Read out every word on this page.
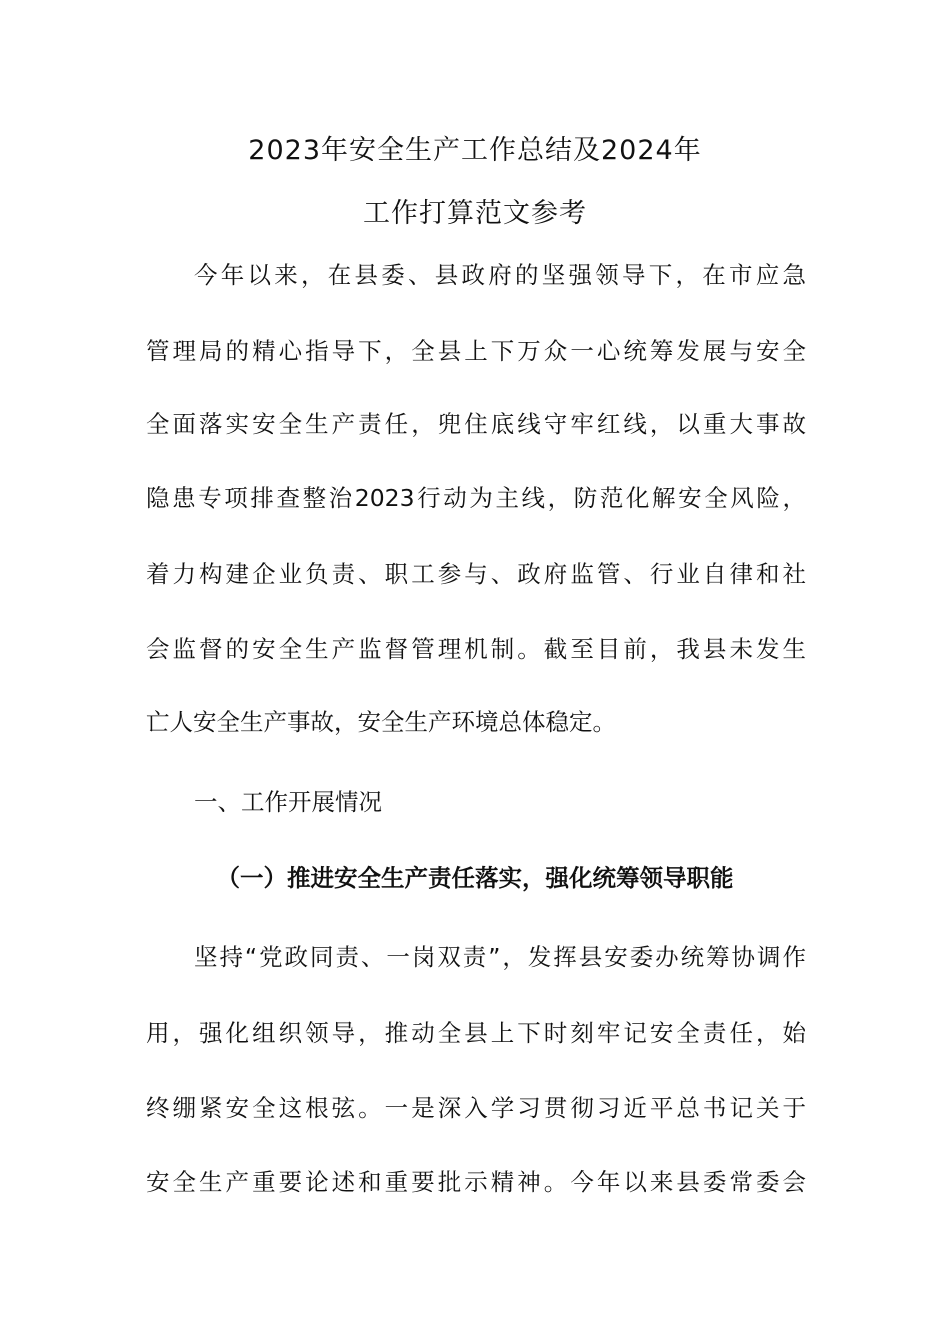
2023年安全生产工作总结及2024年
工作打算范文参考
今年以来，在县委、县政府的坚强领导下，在市应急
管理局的精心指导下，全县上下万众一心统筹发展与安全
全面落实安全生产责任，兜住底线守牢红线，以重大事故
隐患专项排查整治2023行动为主线，防范化解安全风险，
着力构建企业负责、职工参与、政府监管、行业自律和社
会监督的安全生产监督管理机制。截至目前，我县未发生
亡人安全生产事故，安全生产环境总体稳定。
一、工作开展情况
（一）推进安全生产责任落实，强化统筹领导职能
坚持“党政同责、一岗双责”，发挥县安委办统筹协调作
用，强化组织领导，推动全县上下时刻牢记安全责任，始
终绷紧安全这根弦。一是深入学习贯彻习近平总书记关于
安全生产重要论述和重要批示精神。今年以来县委常委会
